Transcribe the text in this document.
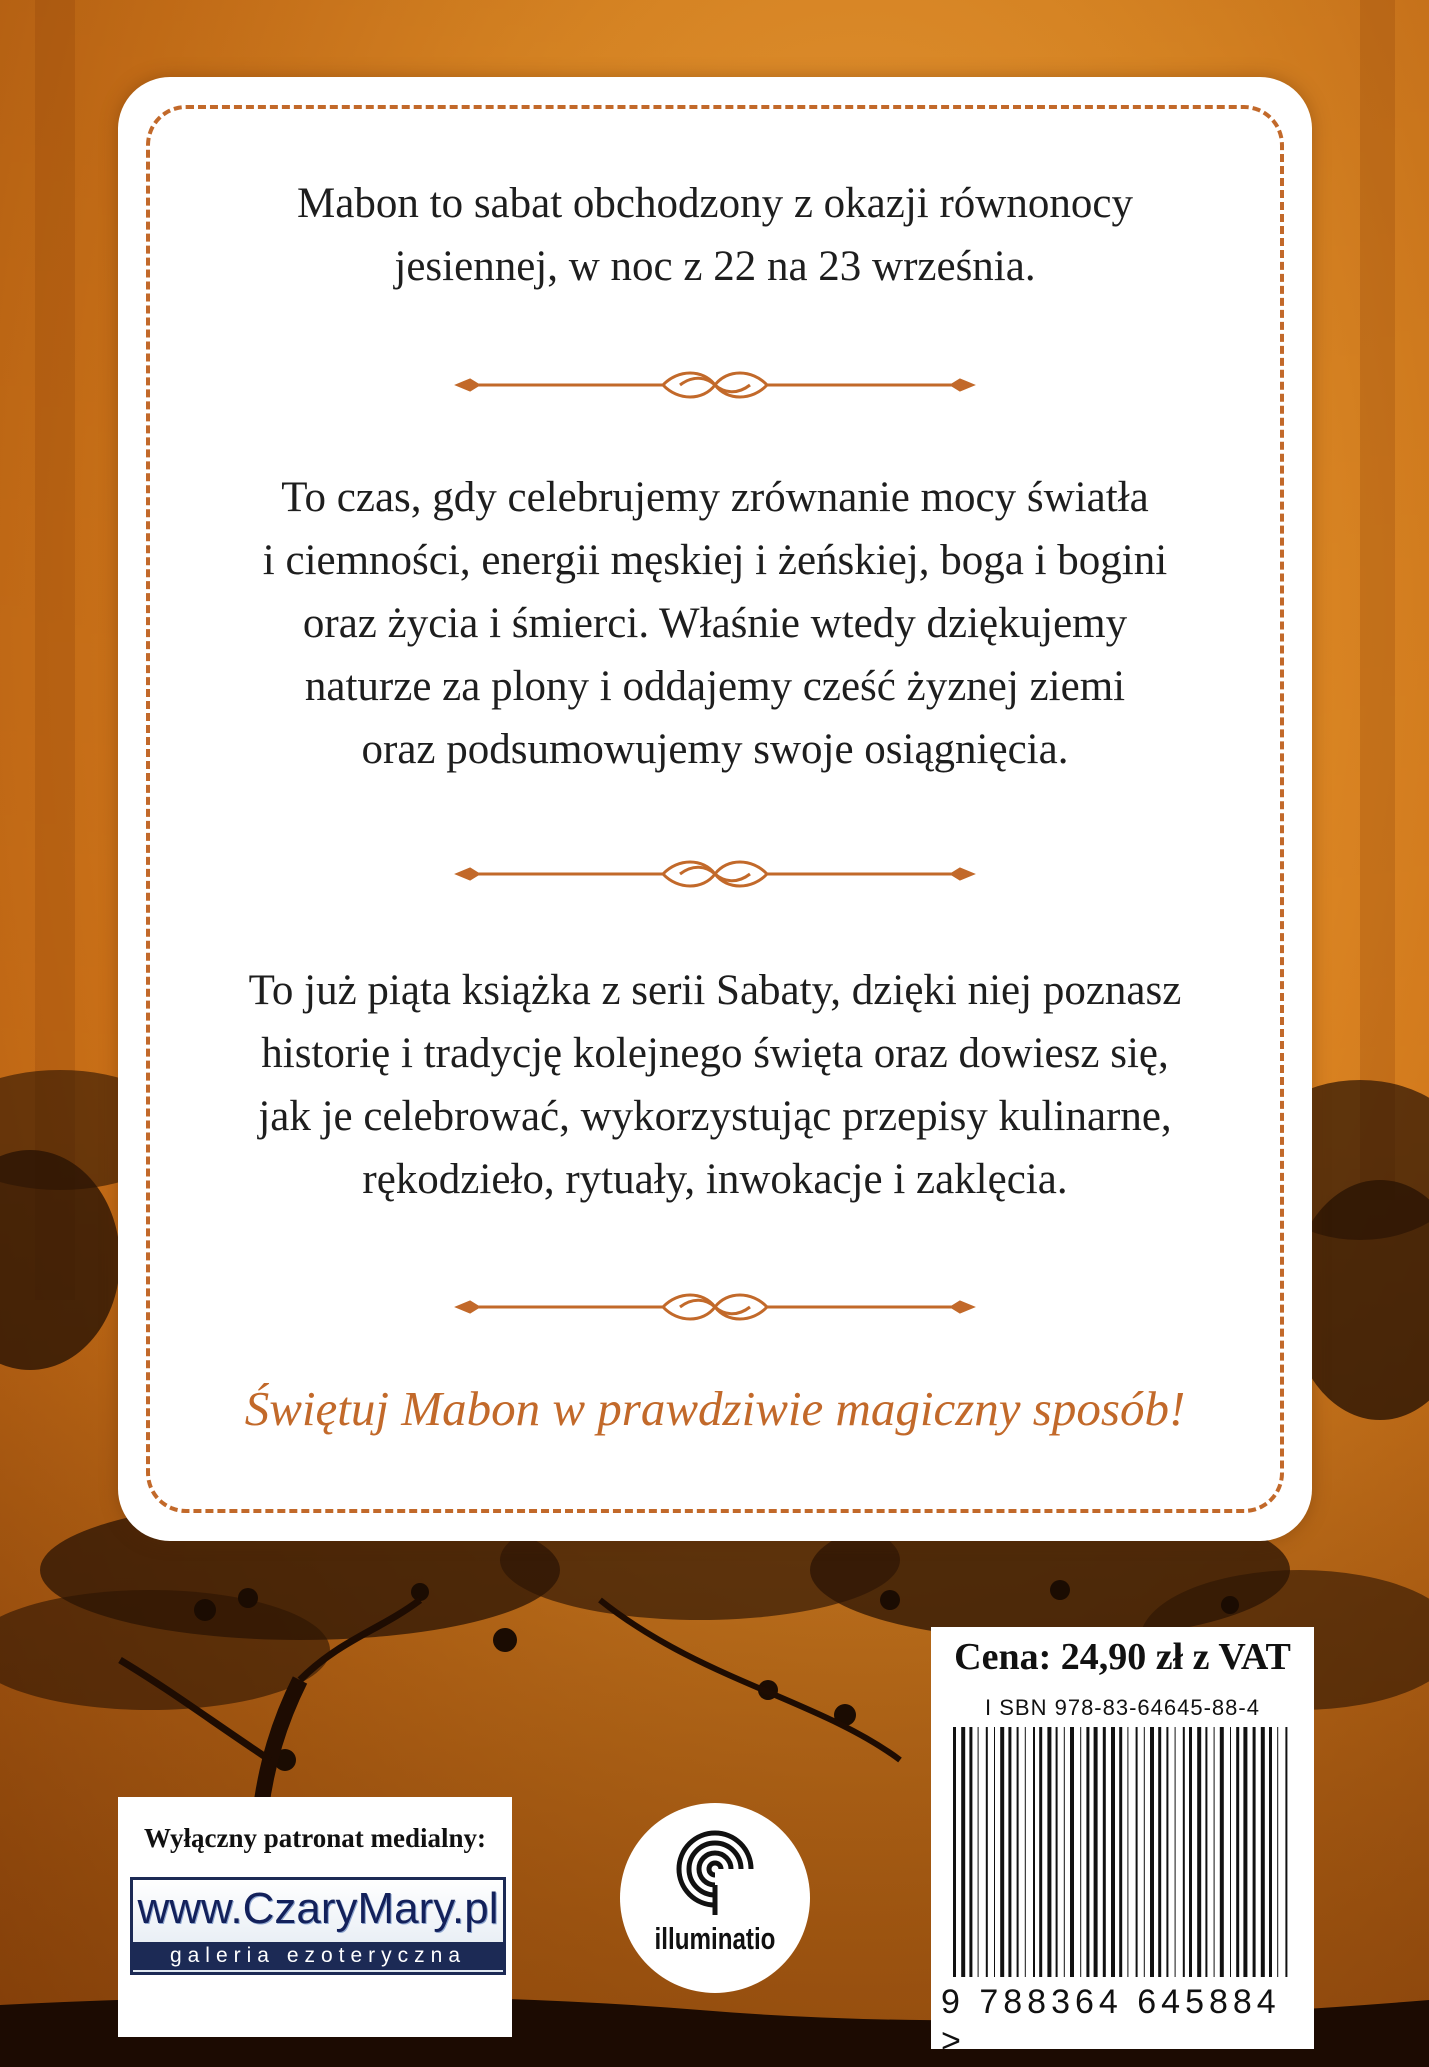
Mabon to sabat obchodzony z okazji równonocy
jesiennej, w noc z 22 na 23 września.
To czas, gdy celebrujemy zrównanie mocy światła
i ciemności, energii męskiej i żeńskiej, boga i bogini
oraz życia i śmierci. Właśnie wtedy dziękujemy
naturze za plony i oddajemy cześć żyznej ziemi
oraz podsumowujemy swoje osiągnięcia.
To już piąta książka z serii Sabaty, dzięki niej poznasz
historię i tradycję kolejnego święta oraz dowiesz się,
jak je celebrować, wykorzystując przepisy kulinarne,
rękodzieło, rytuały, inwokacje i zaklęcia.
Świętuj Mabon w prawdziwie magiczny sposób!
Wyłączny patronat medialny:
www.CzaryMary.pl
galeria ezoteryczna	illuminatio
Cena: 24,90 zł z VAT
I SBN 978-83-64645-88-4
9 788364 645884 >
